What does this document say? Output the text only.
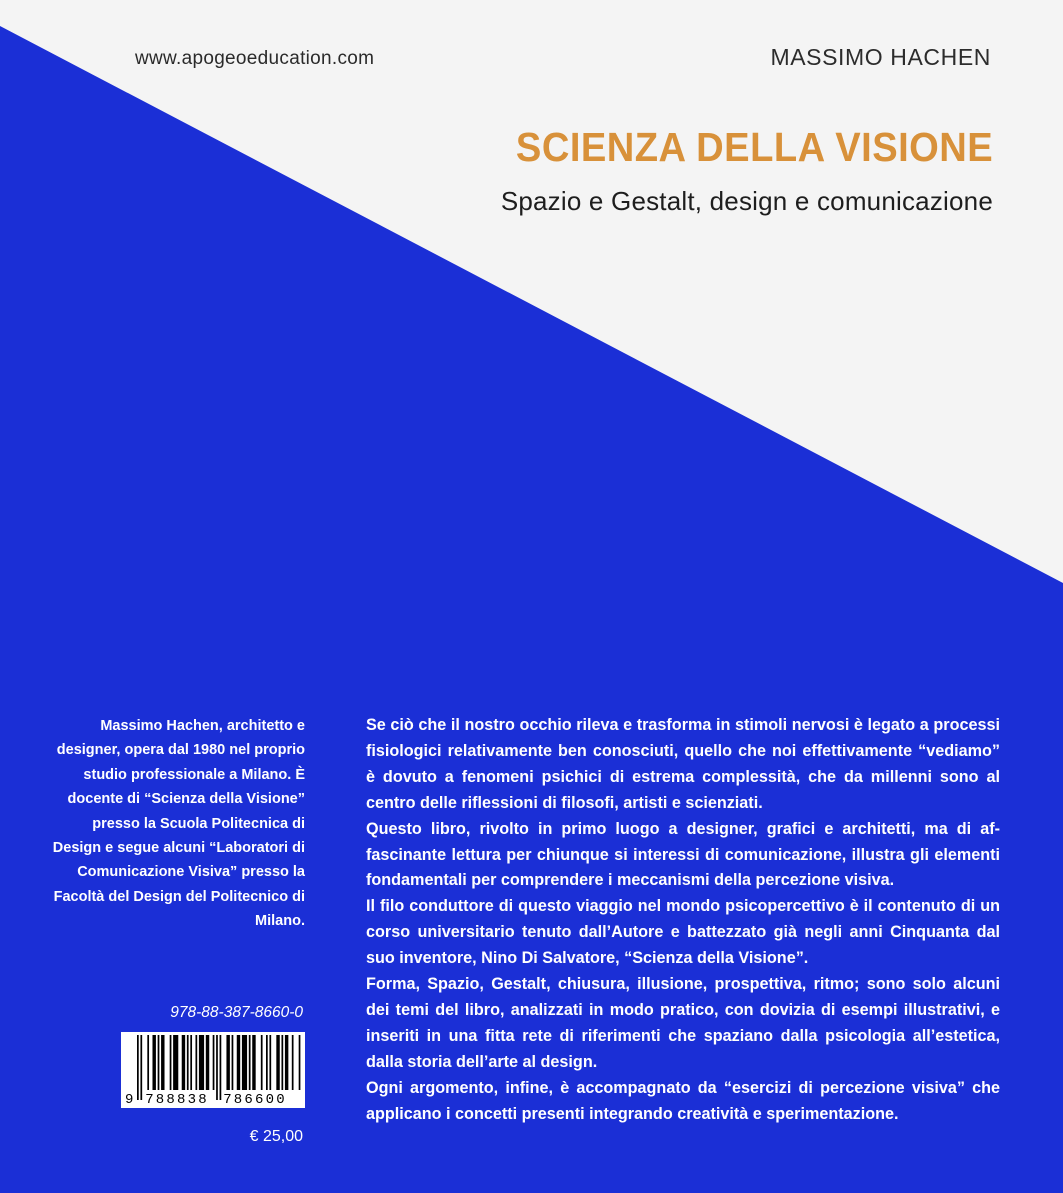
www.apogeoeducation.com	MASSIMO HACHEN
SCIENZA DELLA VISIONE
Spazio e Gestalt, design e comunicazione
Massimo Hachen, architetto e designer, opera dal 1980 nel proprio studio professionale a Milano. È docente di “Scienza della Visione” presso la Scuola Politecnica di Design e segue alcuni “Laboratori di Comunicazione Visiva” presso la Facoltà del Design del Politecnico di Milano.

Se ciò che il nostro occhio rileva e trasforma in stimoli nervosi è legato a processi fisiologici relativamente ben conosciuti, quello che noi effettivamente “vediamo” è dovuto a fenomeni psichici di estrema complessità, che da millenni sono al centro delle riflessioni di filosofi, artisti e scienziati.

Questo libro, rivolto in primo luogo a designer, grafici e architetti, ma di affascinante lettura per chiunque si interessi di comunicazione, illustra gli elementi fondamentali per comprendere i meccanismi della percezione visiva.

Il filo conduttore di questo viaggio nel mondo psicopercettivo è il contenuto di un corso universitario tenuto dall’Autore e battezzato già negli anni Cinquanta dal suo inventore, Nino Di Salvatore, “Scienza della Visione”.

Forma, Spazio, Gestalt, chiusura, illusione, prospettiva, ritmo; sono solo alcuni dei temi del libro, analizzati in modo pratico, con dovizia di esempi illustrativi, e inseriti in una fitta rete di riferimenti che spaziano dalla psicologia all’estetica, dalla storia dell’arte al design.

Ogni argomento, infine, è accompagnato da “esercizi di percezione visiva” che applicano i concetti presenti integrando creatività e sperimentazione.

978-88-387-8660-0
9 788838 786600
€ 25,00
